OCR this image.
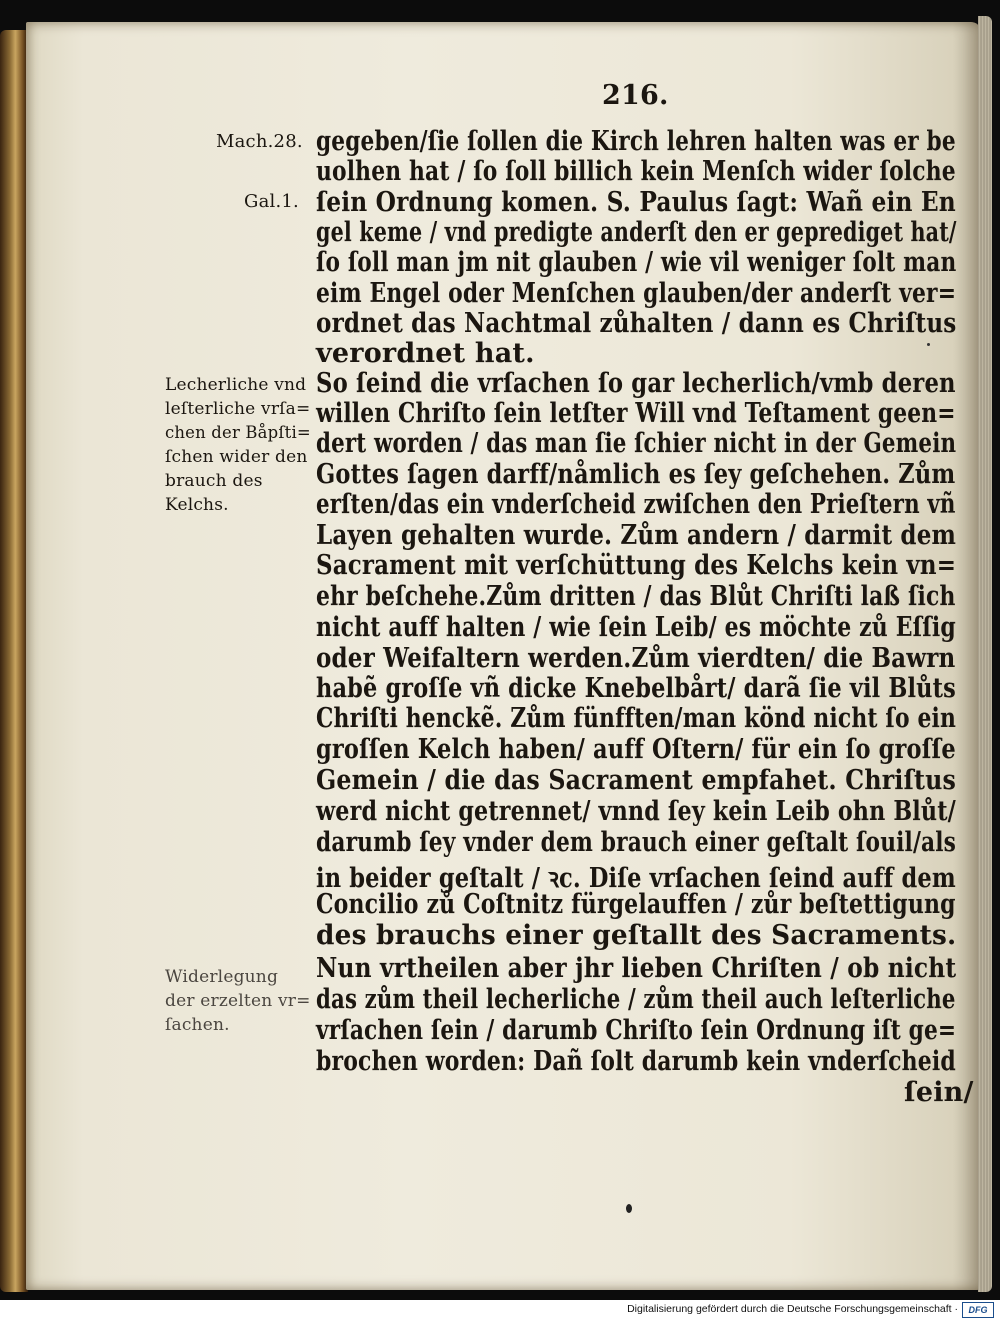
216.
Mach.28.
Gal.1.
gegeben/ſie ſollen die Kirch lehren halten was er be
uolhen hat / ſo ſoll billich kein Menſch wider ſolche
ſein Ordnung komen. S. Paulus ſagt: Wañ ein En
gel keme / vnd predigte anderſt den er geprediget hat/
ſo ſoll man jm nit glauben / wie vil weniger ſolt man
eim Engel oder Menſchen glauben/der anderſt ver=
ordnet das Nachtmal zůhalten / dann es Chriſtus
verordnet hat.
So ſeind die vrſachen ſo gar lecherlich/vmb deren
willen Chriſto ſein letſter Will vnd Teſtament geen=
dert worden / das man ſie ſchier nicht in der Gemein
Gottes ſagen darff/nåmlich es ſey geſchehen. Zům
erſten/das ein vnderſcheid zwiſchen den Prieſtern vñ
Layen gehalten wurde. Zům andern / darmit dem
Sacrament mit verſchüttung des Kelchs kein vn=
ehr beſchehe.Zům dritten / das Blůt Chriſti laß ſich
nicht auff halten / wie ſein Leib/ es möchte zů Eſſig
oder Weifaltern werden.Zům vierdten/ die Bawrn
habẽ groſſe vñ dicke Knebelbårt/ darã ſie vil Blůts
Chriſti henckẽ. Zům fünfften/man könd nicht ſo ein
groſſen Kelch haben/ auff Oſtern/ für ein ſo groſſe
Gemein / die das Sacrament empfahet. Chriſtus
werd nicht getrennet/ vnnd ſey kein Leib ohn Blůt/
darumb ſey vnder dem brauch einer geſtalt ſouil/als
in beider geſtalt / ꝛc. Diſe vrſachen ſeind auff dem
Concilio zů Coſtnitz fürgelauffen / zůr beſtettigung
des brauchs einer geſtallt des Sacraments.
Nun vrtheilen aber jhr lieben Chriſten / ob nicht
das zům theil lecherliche / zům theil auch leſterliche
vrſachen ſein / darumb Chriſto ſein Ordnung iſt ge=
brochen worden: Dañ ſolt darumb kein vnderſcheid
ſein/
Lecherliche vnd
leſterliche vrſa=
chen der Båpſti=
ſchen wider den
brauch des
Kelchs.
Widerlegung
der erzelten vr=
ſachen.
Digitalisierung gefördert durch die Deutsche Forschungsgemeinschaft ·	DFG
